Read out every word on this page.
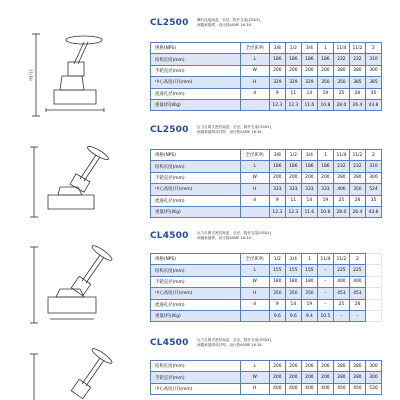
H(开)
CL2500 螺纹连接阀盖，全径，阴杆支架(OS&Y)，
两端承插焊，设计按ASME 16.34
规格(NPS)	全径(F.P)	3/8	1/2	3/4	1	11/4	11/2	2
结构长度(mm)	L	186	186	186	186	232	232	310
手轮直径(mm)	W	200	200	200	200	280	280	300
中心高度(开)(mm)	H	329	329	329	350	350	385	385
流通孔径(mm)	d	9	11	14	19	25	28	35
重量(约)(Kg)		12.3	12.3	11.6	10.8	28.0	26.4	43.8
CL2500 压力自紧式密封阀盖，全径，阴杆支架(OS&Y)，
两端承插焊或对焊，设计按ASME 16.34
规格(NPS)	全径(F.P)	3/8	1/2	3/4	1	11/4	11/2	2
结构长度(mm)	L	186	186	186	186	232	232	310
手轮直径(mm)	W	200	200	200	200	280	280	300
中心高度(开)(mm)	H	333	333	333	333	406	350	524
流通孔径(mm)	d	9	11	14	19	25	28	35
重量(约)(Kg)		12.3	12.3	11.6	10.8	28.0	26.4	43.8
CL4500 压力自紧式密封阀盖，全径，阴杆支架(OS&Y)，
两端承插焊，设计按ASME 16.34
规格(NPS)	全径(F.P)	1/2	3/4	1	11/4	11/2	2	
结构长度(mm)	L	155	155	155	–	225	225	
手轮直径(mm)	W	180	180	180	–	400	400	
中心高度(开)(mm)	H	350	350	350	–	453	453	
流通孔径(mm)	d	9	14	19	–	25	28	
重量(约)(Kg)		9.6	9.6	9.4	10.5	–	–	
CL4500 压力自紧式密封阀盖，全径，阴杆支架(OS&Y)，
两端承插焊或对焊，设计按ASME 16.34
结构长度(mm)	L	200	200	200	200	280	280	300
手轮直径(mm)	W	200	200	200	200	280	280	300
中心高度(开)(mm)	H	400	400	400	400	450	450	530
